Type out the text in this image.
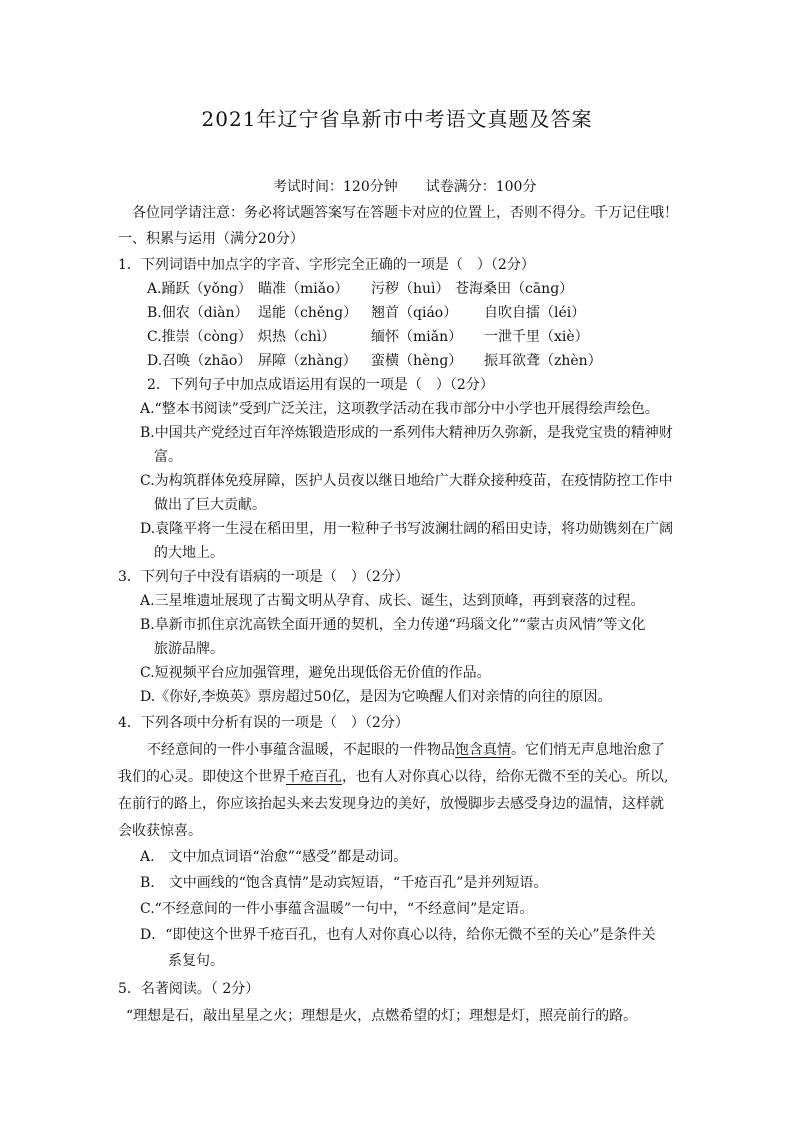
2021年辽宁省阜新市中考语文真题及答案
考试时间：120分钟　　试卷满分：100分
各位同学请注意：务必将试题答案写在答题卡对应的位置上，否则不得分。千万记住哦！
一、积累与运用（满分20分）
1．下列词语中加点字的字音、字形完全正确的一项是（　）（2分）
A.踊跃（yǒnɡ） 瞄准（miǎo） 污秽（huì） 苍海桑田（cānɡ）
B.佃农（diàn） 逞能（chěnɡ） 翘首（qiáo） 自吹自擂（léi）
C.推崇（cònɡ） 炽热（chì）	缅怀（miǎn） 一泄千里（xiè）
D.召唤（zhāo） 屏障（zhànɡ） 蛮横（hènɡ） 振耳欲聋（zhèn）
2．下列句子中加点成语运用有误的一项是（　）（2分）
A.“整本书阅读”受到广泛关注，这项教学活动在我市部分中小学也开展得绘声绘色。
B.中国共产党经过百年淬炼锻造形成的一系列伟大精神历久弥新，是我党宝贵的精神财
富。
C.为构筑群体免疫屏障，医护人员夜以继日地给广大群众接种疫苗，在疫情防控工作中
做出了巨大贡献。
D.袁隆平将一生浸在稻田里，用一粒种子书写波澜壮阔的稻田史诗，将功勋镌刻在广阔
的大地上。
3．下列句子中没有语病的一项是（　）（2分）
A.三星堆遗址展现了古蜀文明从孕育、成长、诞生，达到顶峰，再到衰落的过程。
B.阜新市抓住京沈高铁全面开通的契机，全力传递“玛瑙文化”“蒙古贞风情”等文化
旅游品牌。
C.短视频平台应加强管理，避免出现低俗无价值的作品。
D.《你好,李焕英》票房超过50亿，是因为它唤醒人们对亲情的向往的原因。
4．下列各项中分析有误的一项是（　）（2分）
不经意间的一件小事蕴含温暖，不起眼的一件物品饱含真情。它们悄无声息地治愈了
我们的心灵。即使这个世界千疮百孔，也有人对你真心以待，给你无微不至的关心。所以,
在前行的路上，你应该抬起头来去发现身边的美好，放慢脚步去感受身边的温情，这样就
会收获惊喜。
A.　文中加点词语“治愈”“感受”都是动词。
B.　文中画线的“饱含真情”是动宾短语，“千疮百孔”是并列短语。
C.“不经意间的一件小事蕴含温暖”一句中，“不经意间”是定语。
D．“即使这个世界千疮百孔，也有人对你真心以待，给你无微不至的关心”是条件关
系复句。
5．名著阅读。（ 2分）
“理想是石，敲出星星之火；理想是火，点燃希望的灯；理想是灯，照亮前行的路。
